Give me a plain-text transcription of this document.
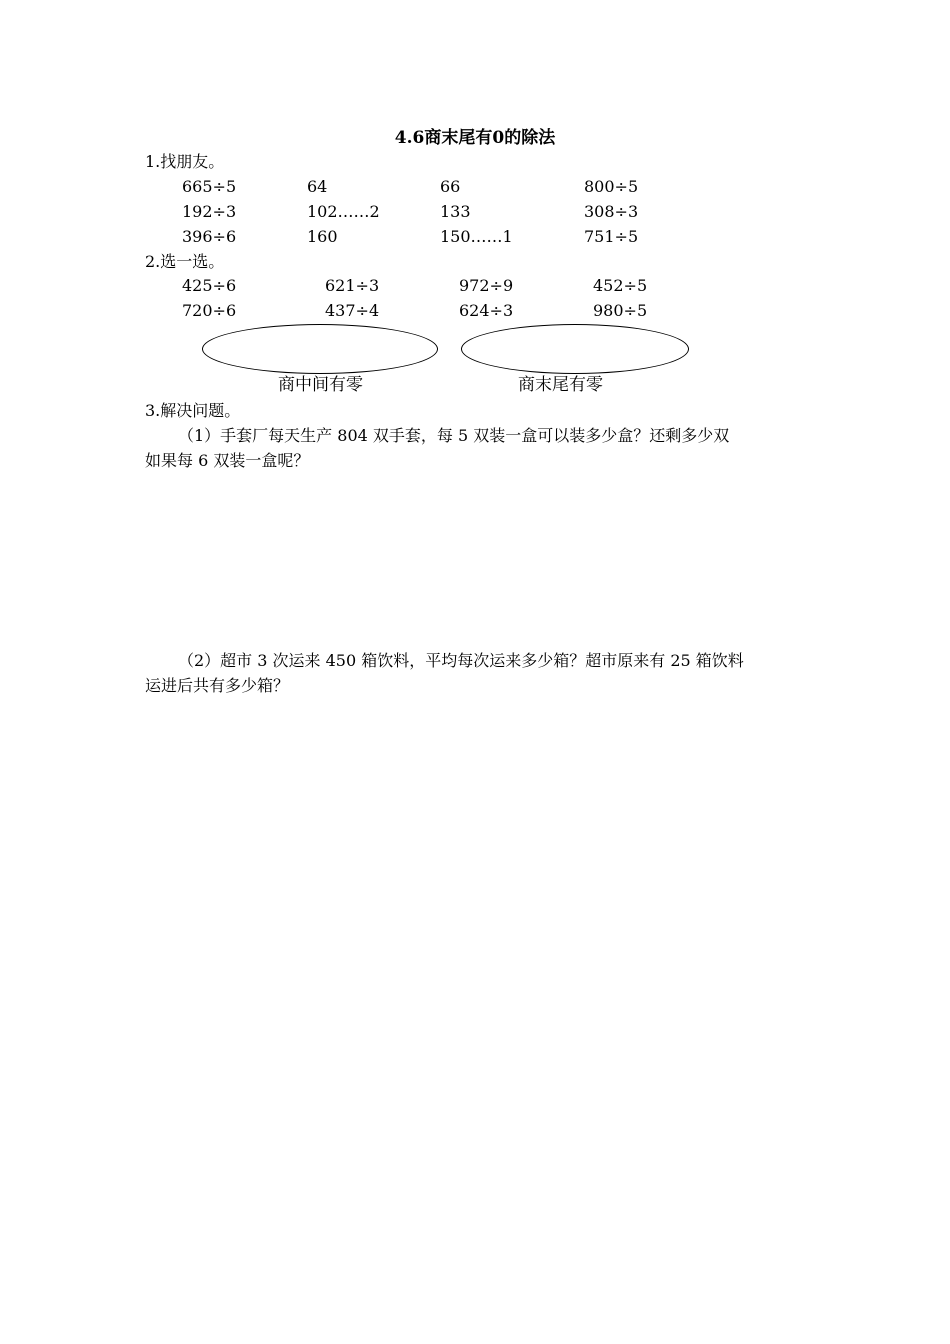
4.6商末尾有0的除法
1.找朋友。
665÷5	64	66	800÷5
192÷3	102……2	133	308÷3
396÷6	160	150……1	751÷5
2.选一选。
425÷6	621÷3	972÷9	452÷5
720÷6	437÷4	624÷3	980÷5
商中间有零	商末尾有零
3.解决问题。
（1）手套厂每天生产 804 双手套，每 5 双装一盒可以装多少盒？还剩多少双
如果每 6 双装一盒呢？
（2）超市 3 次运来 450 箱饮料，平均每次运来多少箱？超市原来有 25 箱饮料
运进后共有多少箱？
